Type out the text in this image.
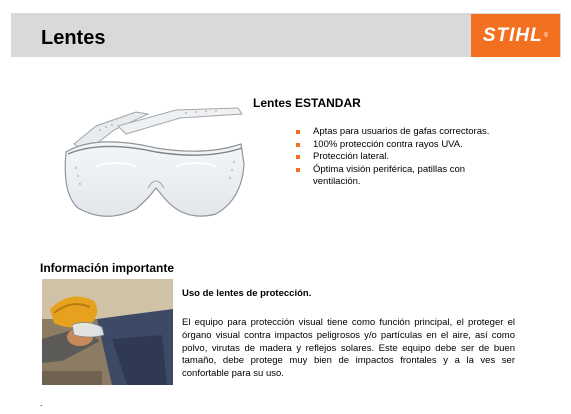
Lentes	STIHL ®
Lentes ESTANDAR
Aptas para usuarios de gafas correctoras.
100% protección contra rayos UVA.
Protección lateral.
Óptima visión periférica, patillas con ventilación.
Información importante
Uso de lentes de protección.

El equipo para protección visual tiene como función principal, el proteger el órgano visual contra impactos peligrosos y/o partículas en el aire, así como polvo, virutas de madera y reflejos solares. Este equipo debe ser de buen tamaño, debe protege muy bien de impactos frontales y a la ves ser confortable para su uso.

.
